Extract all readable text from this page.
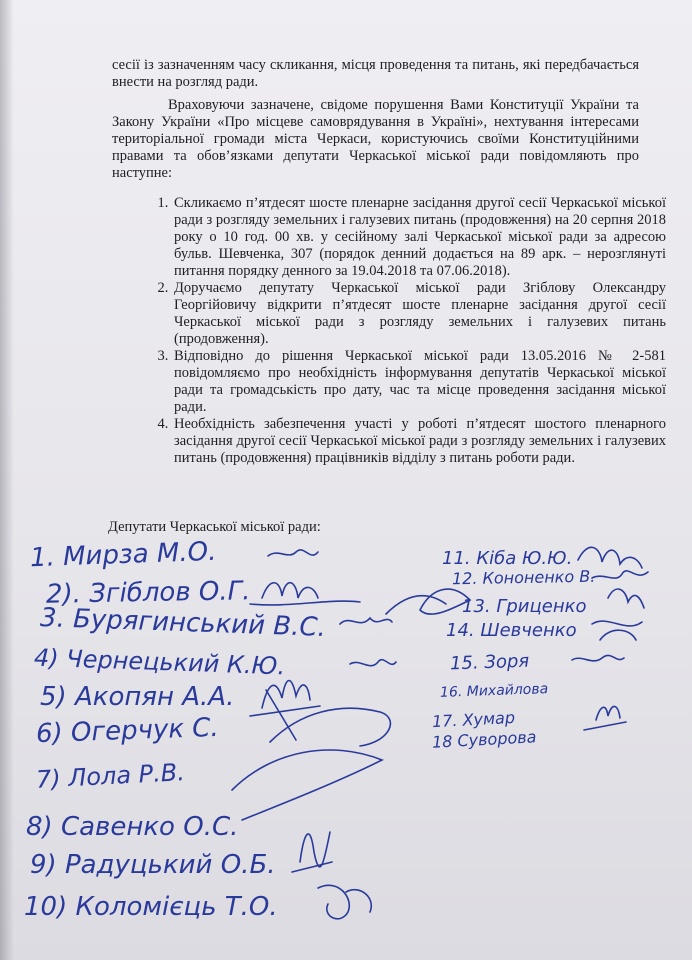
сесії із зазначенням часу скликання, місця проведення та питань, які передбачається внести на розгляд ради.
Враховуючи зазначене, свідоме порушення Вами Конституції України та Закону України «Про місцеве самоврядування в Україні», нехтування інтересами територіальної громади міста Черкаси, користуючись своїми Конституційними правами та обов’язками депутати Черкаської міської ради повідомляють про наступне:
1. Скликаємо п’ятдесят шосте пленарне засідання другої сесії Черкаської міської ради з розгляду земельних і галузевих питань (продовження) на 20 серпня 2018 року о 10 год. 00 хв. у сесійному залі Черкаської міської ради за адресою бульв. Шевченка, 307 (порядок денний додається на 89 арк. – нерозглянуті питання порядку денного за 19.04.2018 та 07.06.2018).
2. Доручаємо депутату Черкаської міської ради Згіблову Олександру Георгійовичу відкрити п’ятдесят шосте пленарне засідання другої сесії Черкаської міської ради з розгляду земельних і галузевих питань (продовження).
3. Відповідно до рішення Черкаської міської ради 13.05.2016 № 2-581 повідомляємо про необхідність інформування депутатів Черкаської міської ради та громадськість про дату, час та місце проведення засідання міської ради.
4. Необхідність забезпечення участі у роботі п’ятдесят шостого пленарного засідання другої сесії Черкаської міської ради з розгляду земельних і галузевих питань (продовження) працівників відділу з питань роботи ради.
Депутати Черкаської міської ради:
1. Мирза М.О.
2). Згіблов О.Г.
3. Бурягинський В.С.
4) Чернецький К.Ю.
5) Акопян А.А.
6) Огерчук С.
7) Лола Р.В.
8) Савенко О.С.
9) Радуцький О.Б.
10) Коломієць Т.О.
11. Кіба Ю.Ю.
12. Кононенко В.
13. Гриценко
14. Шевченко
15. Зоря
16. Михайлова
17. Хумар
18 Суворова
